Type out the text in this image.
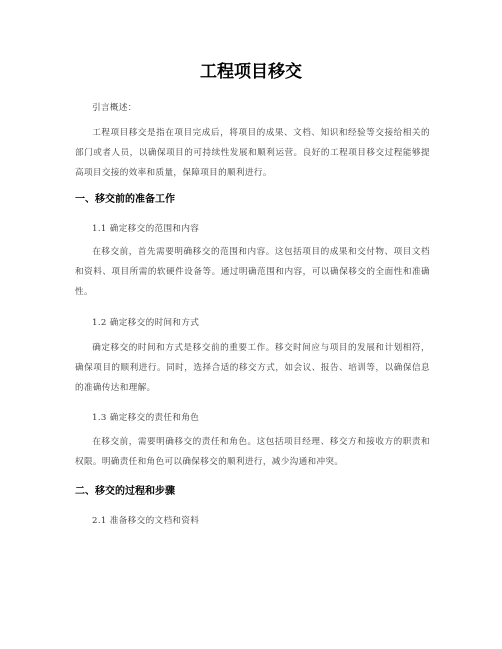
工程项目移交
引言概述：

工程项目移交是指在项目完成后，将项目的成果、文档、知识和经验等交接给相关的部门或者人员，以确保项目的可持续性发展和顺利运营。良好的工程项目移交过程能够提高项目交接的效率和质量，保障项目的顺利进行。

一、移交前的准备工作
1.1 确定移交的范围和内容

在移交前，首先需要明确移交的范围和内容。这包括项目的成果和交付物、项目文档和资料、项目所需的软硬件设备等。通过明确范围和内容，可以确保移交的全面性和准确性。

1.2 确定移交的时间和方式

确定移交的时间和方式是移交前的重要工作。移交时间应与项目的发展和计划相符，确保项目的顺利进行。同时，选择合适的移交方式，如会议、报告、培训等，以确保信息的准确传达和理解。

1.3 确定移交的责任和角色

在移交前，需要明确移交的责任和角色。这包括项目经理、移交方和接收方的职责和权限。明确责任和角色可以确保移交的顺利进行，减少沟通和冲突。

二、移交的过程和步骤
2.1 准备移交的文档和资料
